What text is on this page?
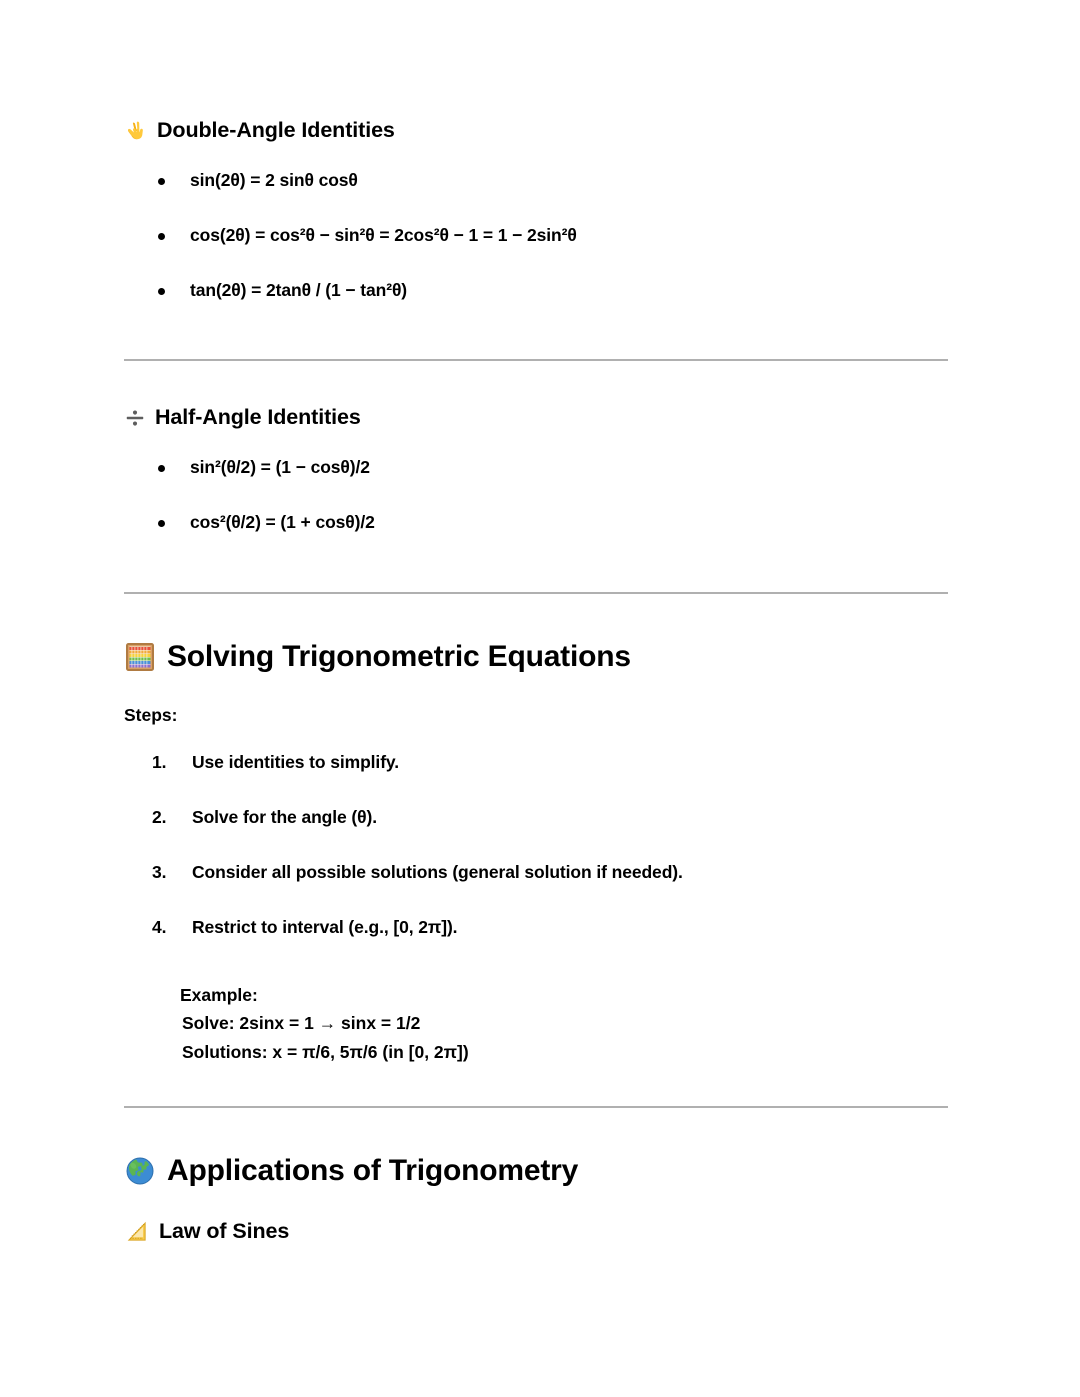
Double-Angle Identities
sin(2θ) = 2 sinθ cosθ
cos(2θ) = cos²θ − sin²θ = 2cos²θ − 1 = 1 − 2sin²θ
tan(2θ) = 2tanθ / (1 − tan²θ)
Half-Angle Identities
sin²(θ/2) = (1 − cosθ)/2
cos²(θ/2) = (1 + cosθ)/2
Solving Trigonometric Equations
Steps:
1. Use identities to simplify.
2. Solve for the angle (θ).
3. Consider all possible solutions (general solution if needed).
4. Restrict to interval (e.g., [0, 2π]).
Example:
Solve: 2sinx = 1 → sinx = 1/2
Solutions: x = π/6, 5π/6 (in [0, 2π])
Applications of Trigonometry
Law of Sines
